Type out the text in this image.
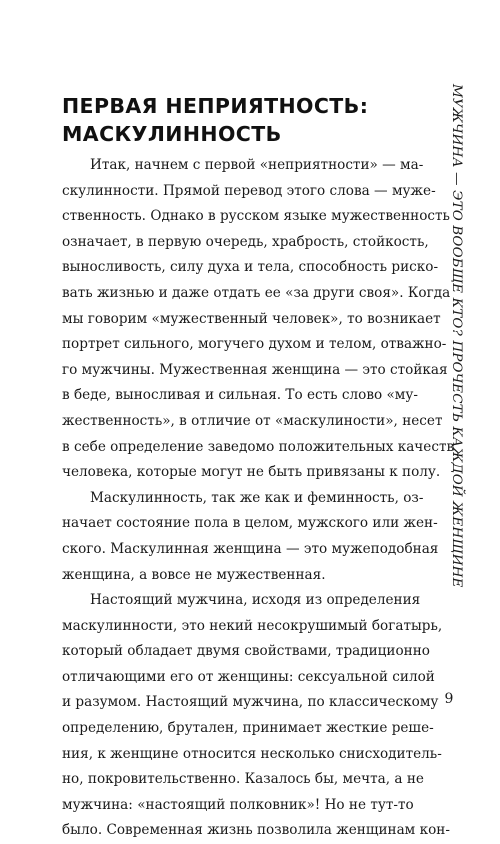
ПЕРВАЯ НЕПРИЯТНОСТЬ:
МАСКУЛИННОСТЬ
Итак, начнем с первой «неприятности» — ма-
скулинности. Прямой перевод этого слова — муже-
ственность. Однако в русском языке мужественность
означает, в первую очередь, храбрость, стойкость,
выносливость, силу духа и тела, способность риско-
вать жизнью и даже отдать ее «за други своя». Когда
мы говорим «мужественный человек», то возникает
портрет сильного, могучего духом и телом, отважно-
го мужчины. Мужественная женщина — это стойкая
в беде, выносливая и сильная. То есть слово «му-
жественность», в отличие от «маскулиности», несет
в себе определение заведомо положительных качеств
человека, которые могут не быть привязаны к полу.
Маскулинность, так же как и феминность, оз-
начает состояние пола в целом, мужского или жен-
ского. Маскулинная женщина — это мужеподобная
женщина, а вовсе не мужественная.
Настоящий мужчина, исходя из определения
маскулинности, это некий несокрушимый богатырь,
который обладает двумя свойствами, традиционно
отличающими его от женщины: сексуальной силой
и разумом. Настоящий мужчина, по классическому
определению, брутален, принимает жесткие реше-
ния, к женщине относится несколько снисходитель-
но, покровительственно. Казалось бы, мечта, а не
мужчина: «настоящий полковник»! Но не тут-то
было. Современная жизнь позволила женщинам кон-
МУЖЧИНА — ЭТО ВООБЩЕ КТО? ПРОЧЕСТЬ КАЖДОЙ ЖЕНЩИНЕ
9
